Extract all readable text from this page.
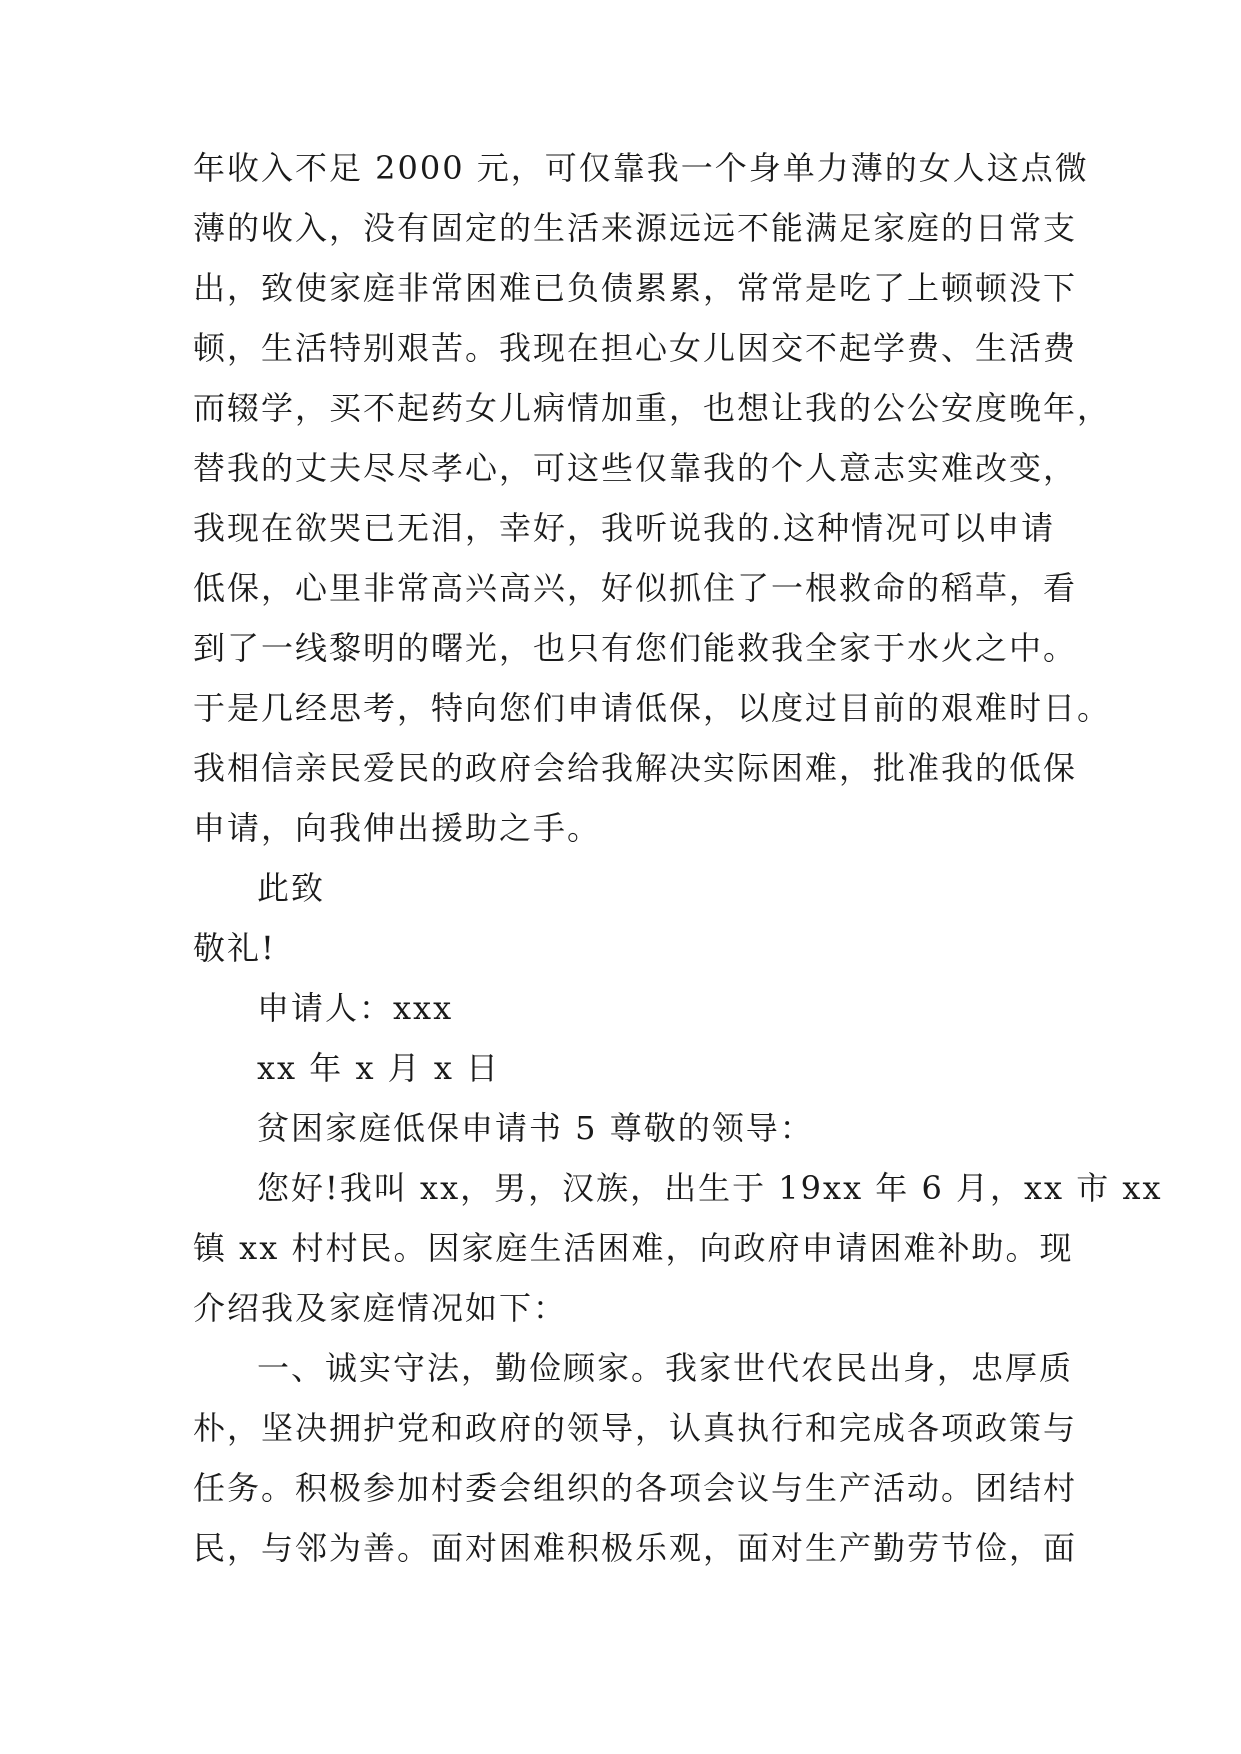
年收入不足 2000 元，可仅靠我一个身单力薄的女人这点微
薄的收入，没有固定的生活来源远远不能满足家庭的日常支
出，致使家庭非常困难已负债累累，常常是吃了上顿顿没下
顿，生活特别艰苦。我现在担心女儿因交不起学费、生活费
而辍学，买不起药女儿病情加重，也想让我的公公安度晚年，
替我的丈夫尽尽孝心，可这些仅靠我的个人意志实难改变，
我现在欲哭已无泪，幸好，我听说我的.这种情况可以申请
低保，心里非常高兴高兴，好似抓住了一根救命的稻草，看
到了一线黎明的曙光，也只有您们能救我全家于水火之中。
于是几经思考，特向您们申请低保，以度过目前的艰难时日。
我相信亲民爱民的政府会给我解决实际困难，批准我的低保
申请，向我伸出援助之手。
此致
敬礼!
申请人：xxx
xx 年 x 月 x 日
贫困家庭低保申请书 5 尊敬的领导：
您好!我叫 xx，男，汉族，出生于 19xx 年 6 月，xx 市 xx
镇 xx 村村民。因家庭生活困难，向政府申请困难补助。现
介绍我及家庭情况如下：
一、诚实守法，勤俭顾家。我家世代农民出身，忠厚质
朴，坚决拥护党和政府的领导，认真执行和完成各项政策与
任务。积极参加村委会组织的各项会议与生产活动。团结村
民，与邻为善。面对困难积极乐观，面对生产勤劳节俭，面
